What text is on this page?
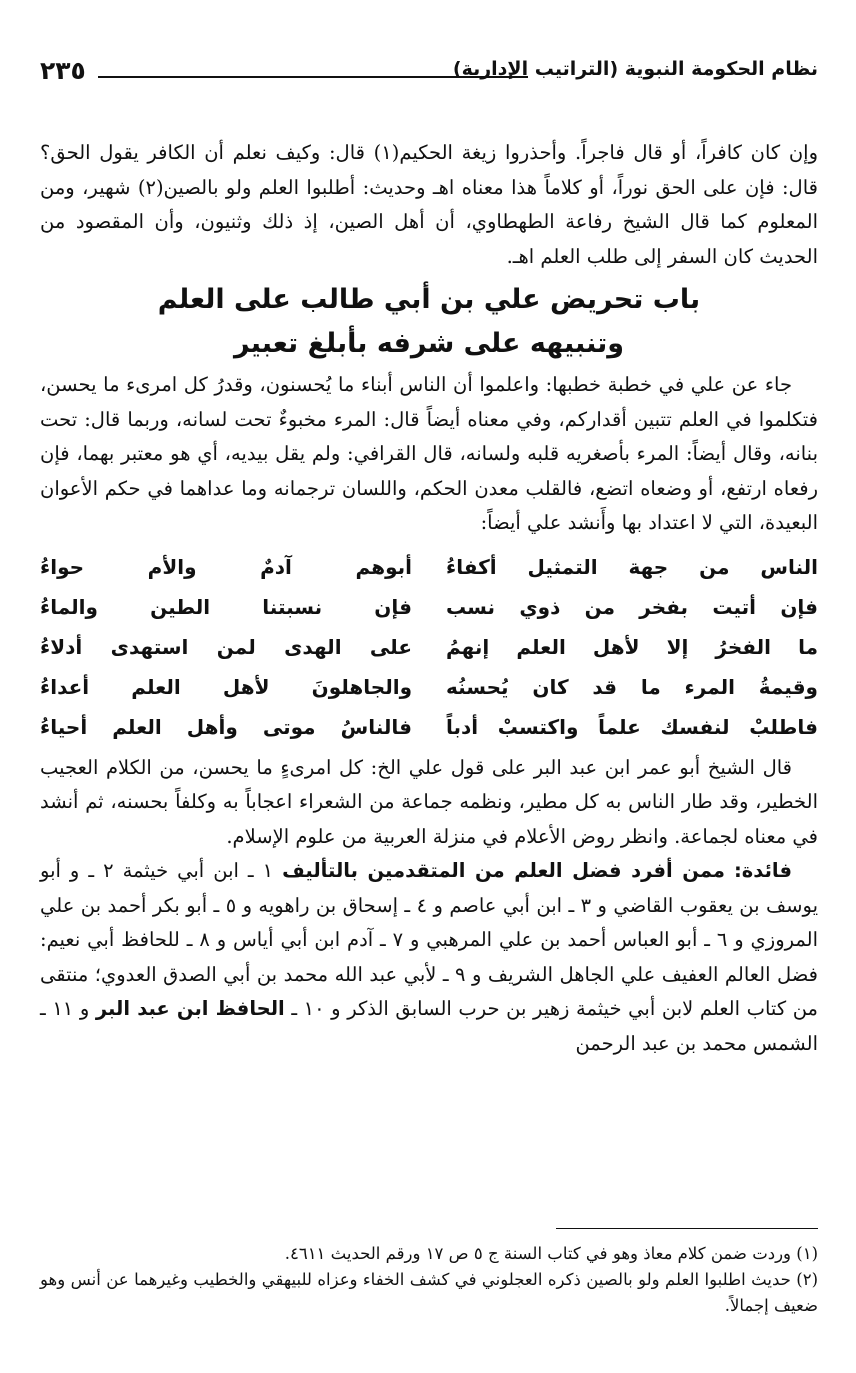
نظام الحكومة النبوية (التراتيب الإدارية)
٢٣٥

وإن كان كافراً، أو قال فاجراً. وأحذروا زيغة الحكيم(١) قال: وكيف نعلم أن الكافر يقول الحق؟ قال: فإن على الحق نوراً، أو كلاماً هذا معناه اهـ وحديث: أطلبوا العلم ولو بالصين(٢) شهير، ومن المعلوم كما قال الشيخ رفاعة الطهطاوي، أن أهل الصين، إذ ذلك وثنيون، وأن المقصود من الحديث كان السفر إلى طلب العلم اهـ.

باب تحريض علي بن أبي طالب على العلم
وتنبيهه على شرفه بأبلغ تعبير

جاء عن علي في خطبة خطبها: واعلموا أن الناس أبناء ما يُحسنون، وقدرُ كل امرىء ما يحسن، فتكلموا في العلم تتبين أقداركم، وفي معناه أيضاً قال: المرء مخبوءٌ تحت لسانه، وربما قال: تحت بنانه، وقال أيضاً: المرء بأصغريه قلبه ولسانه، قال القرافي: ولم يقل بيديه، أي هو معتبر بهما، فإن رفعاه ارتفع، أو وضعاه اتضع، فالقلب معدن الحكم، واللسان ترجمانه وما عداهما في حكم الأعوان البعيدة، التي لا اعتداد بها وأَنشد علي أيضاً:

الناس من جهة التمثيل أكفاءُ
أبوهم آدمٌ والأم حواءُ
فإن أتيت بفخر من ذوي نسب
فإن نسبتنا الطين والماءُ
ما الفخرُ إلا لأهل العلم إنهمُ
على الهدى لمن استهدى أدلاءُ
وقيمةُ المرء ما قد كان يُحسنُه
والجاهلونَ لأهل العلم أعداءُ
فاطلبْ لنفسك علماً واكتسبْ أدباً
فالناسُ موتى وأهل العلم أحياءُ

قال الشيخ أبو عمر ابن عبد البر على قول علي الخ: كل امرىءٍ ما يحسن، من الكلام العجيب الخطير، وقد طار الناس به كل مطير، ونظمه جماعة من الشعراء اعجاباً به وكلفاً بحسنه، ثم أنشد في معناه لجماعة. وانظر روض الأعلام في منزلة العربية من علوم الإسلام.

فائدة: ممن أفرد فضل العلم من المتقدمين بالتأليف ١ ـ ابن أبي خيثمة ٢ ـ و أبو يوسف بن يعقوب القاضي و ٣ ـ ابن أبي عاصم و ٤ ـ إسحاق بن راهويه و ٥ ـ أبو بكر أحمد بن علي المروزي و ٦ ـ أبو العباس أحمد بن علي المرهبي و ٧ ـ آدم ابن أبي أياس و ٨ ـ للحافظ أبي نعيم: فضل العالم العفيف علي الجاهل الشريف و ٩ ـ لأبي عبد الله محمد بن أبي الصدق العدوي؛ منتقى من كتاب العلم لابن أبي خيثمة زهير بن حرب السابق الذكر و ١٠ ـ الحافظ ابن عبد البر و ١١ ـ الشمس محمد بن عبد الرحمن

(١) وردت ضمن كلام معاذ وهو في كتاب السنة ج ٥ ص ١٧ ورقم الحديث ٤٦١١.

(٢) حديث اطلبوا العلم ولو بالصين ذكره العجلوني في كشف الخفاء وعزاه للبيهقي والخطيب وغيرهما عن أنس وهو ضعيف إجمالاً.
